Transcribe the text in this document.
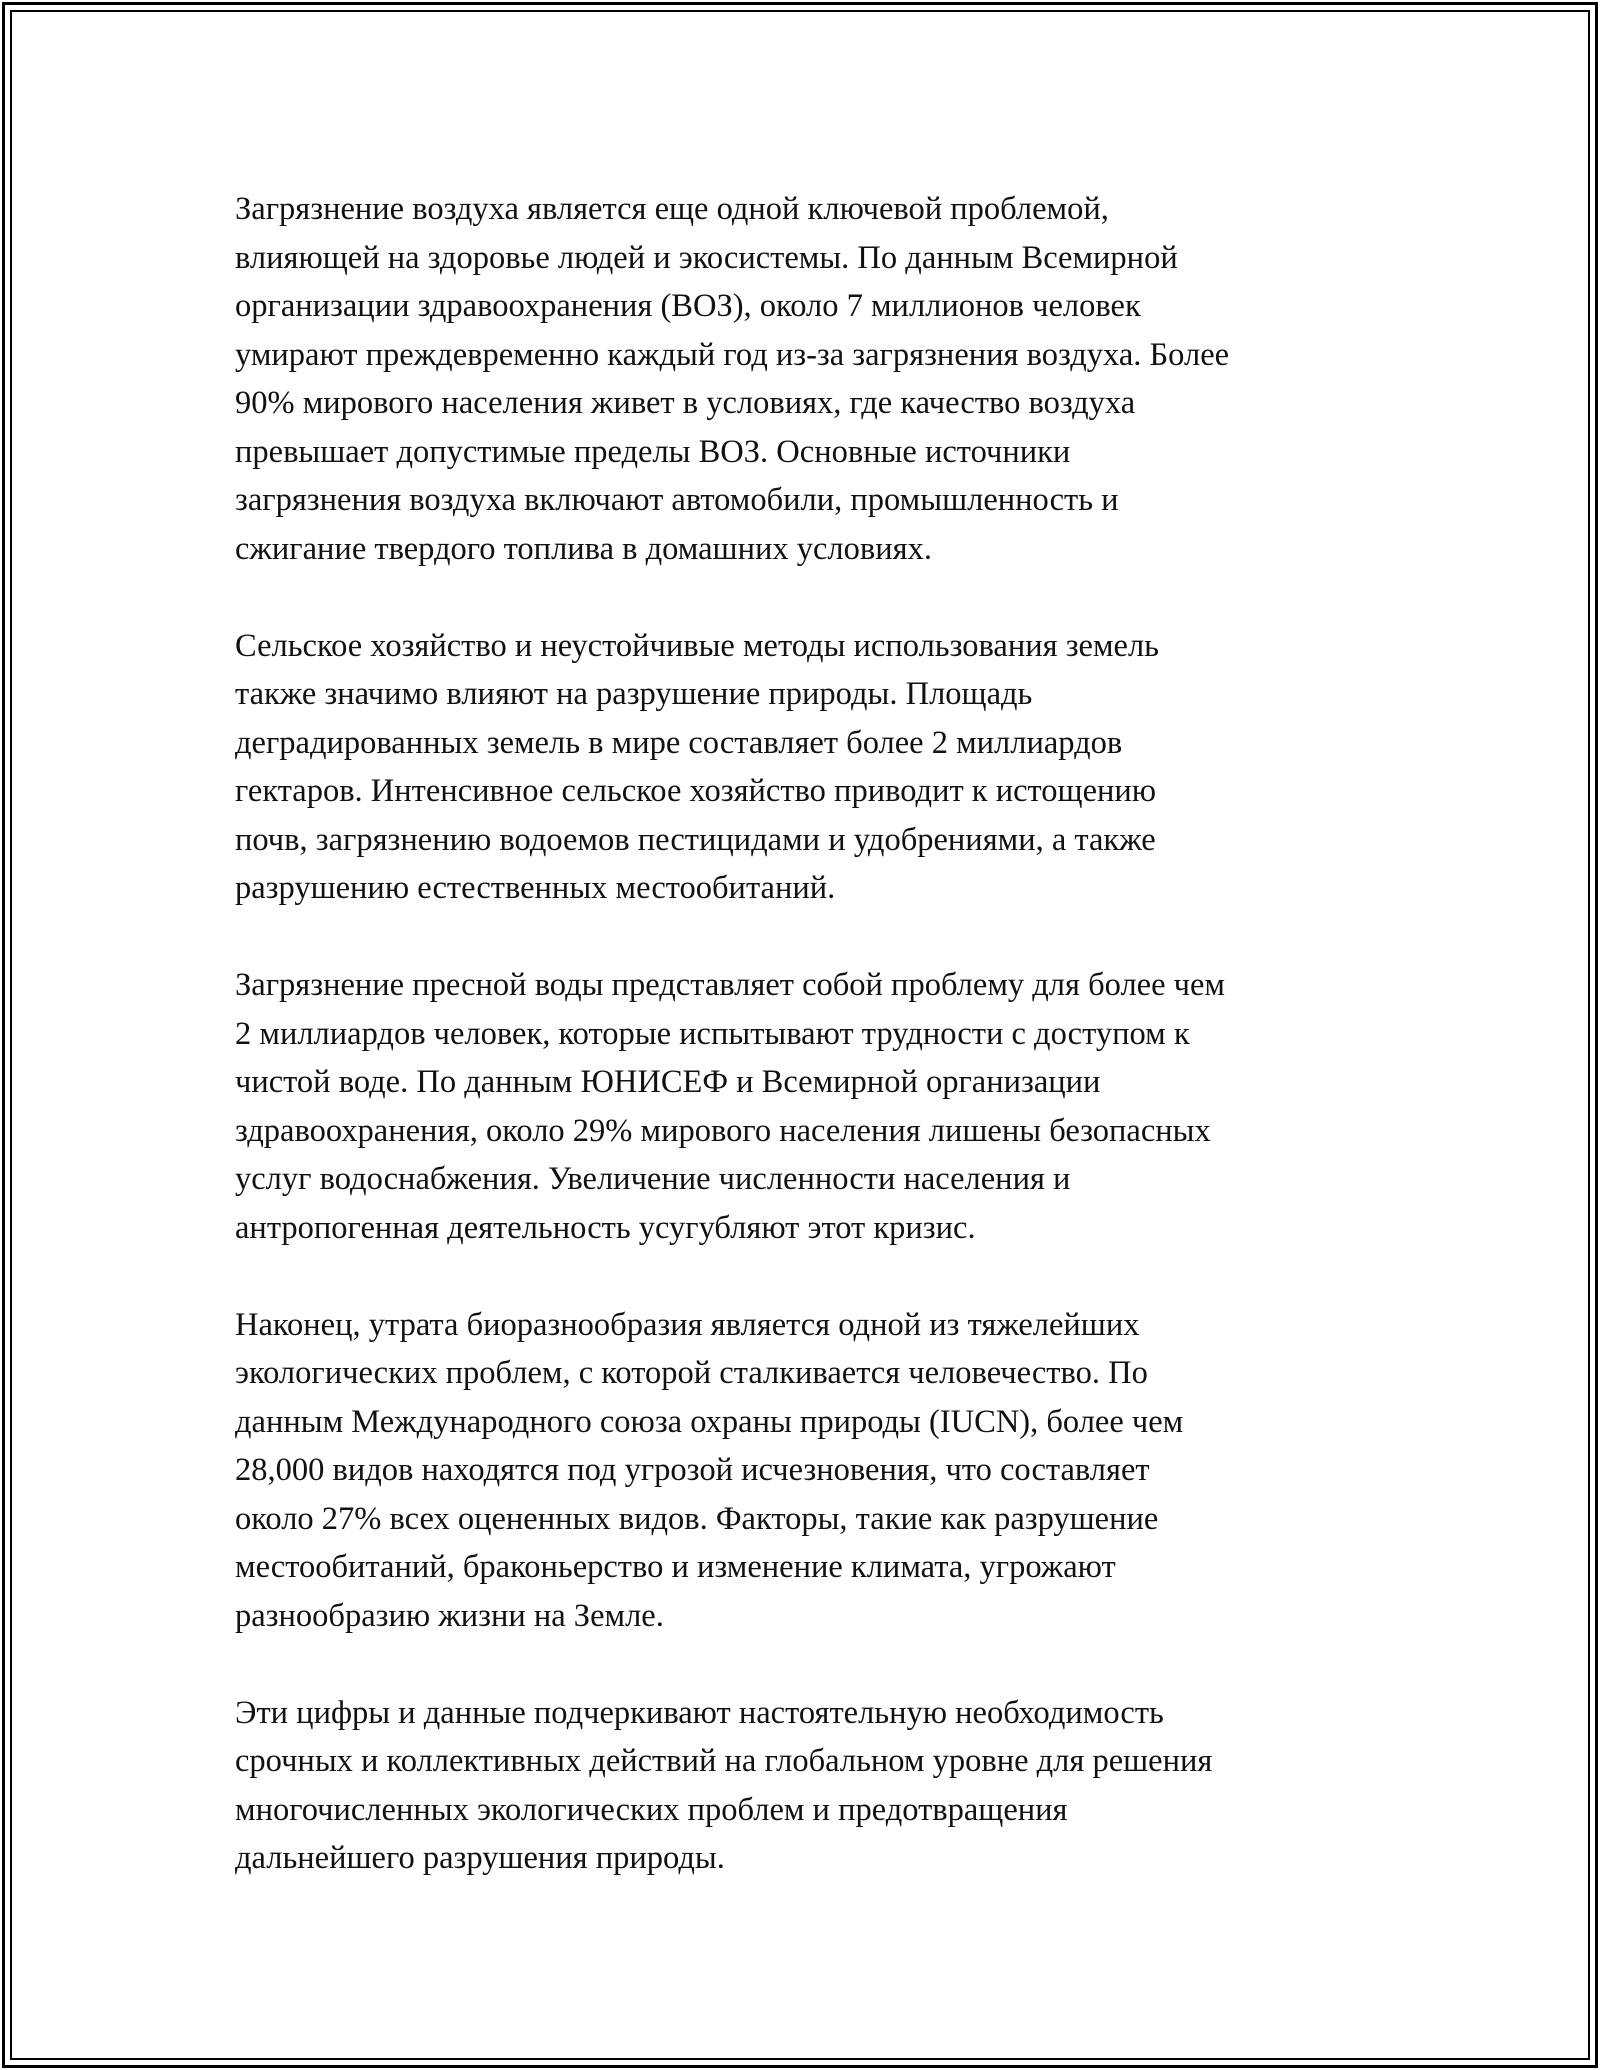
Загрязнение воздуха является еще одной ключевой проблемой,
влияющей на здоровье людей и экосистемы. По данным Всемирной
организации здравоохранения (ВОЗ), около 7 миллионов человек
умирают преждевременно каждый год из-за загрязнения воздуха. Более
90% мирового населения живет в условиях, где качество воздуха
превышает допустимые пределы ВОЗ. Основные источники
загрязнения воздуха включают автомобили, промышленность и
сжигание твердого топлива в домашних условиях.

Сельское хозяйство и неустойчивые методы использования земель
также значимо влияют на разрушение природы. Площадь
деградированных земель в мире составляет более 2 миллиардов
гектаров. Интенсивное сельское хозяйство приводит к истощению
почв, загрязнению водоемов пестицидами и удобрениями, а также
разрушению естественных местообитаний.

Загрязнение пресной воды представляет собой проблему для более чем
2 миллиардов человек, которые испытывают трудности с доступом к
чистой воде. По данным ЮНИСЕФ и Всемирной организации
здравоохранения, около 29% мирового населения лишены безопасных
услуг водоснабжения. Увеличение численности населения и
антропогенная деятельность усугубляют этот кризис.

Наконец, утрата биоразнообразия является одной из тяжелейших
экологических проблем, с которой сталкивается человечество. По
данным Международного союза охраны природы (IUCN), более чем
28,000 видов находятся под угрозой исчезновения, что составляет
около 27% всех оцененных видов. Факторы, такие как разрушение
местообитаний, браконьерство и изменение климата, угрожают
разнообразию жизни на Земле.

Эти цифры и данные подчеркивают настоятельную необходимость
срочных и коллективных действий на глобальном уровне для решения
многочисленных экологических проблем и предотвращения
дальнейшего разрушения природы.
